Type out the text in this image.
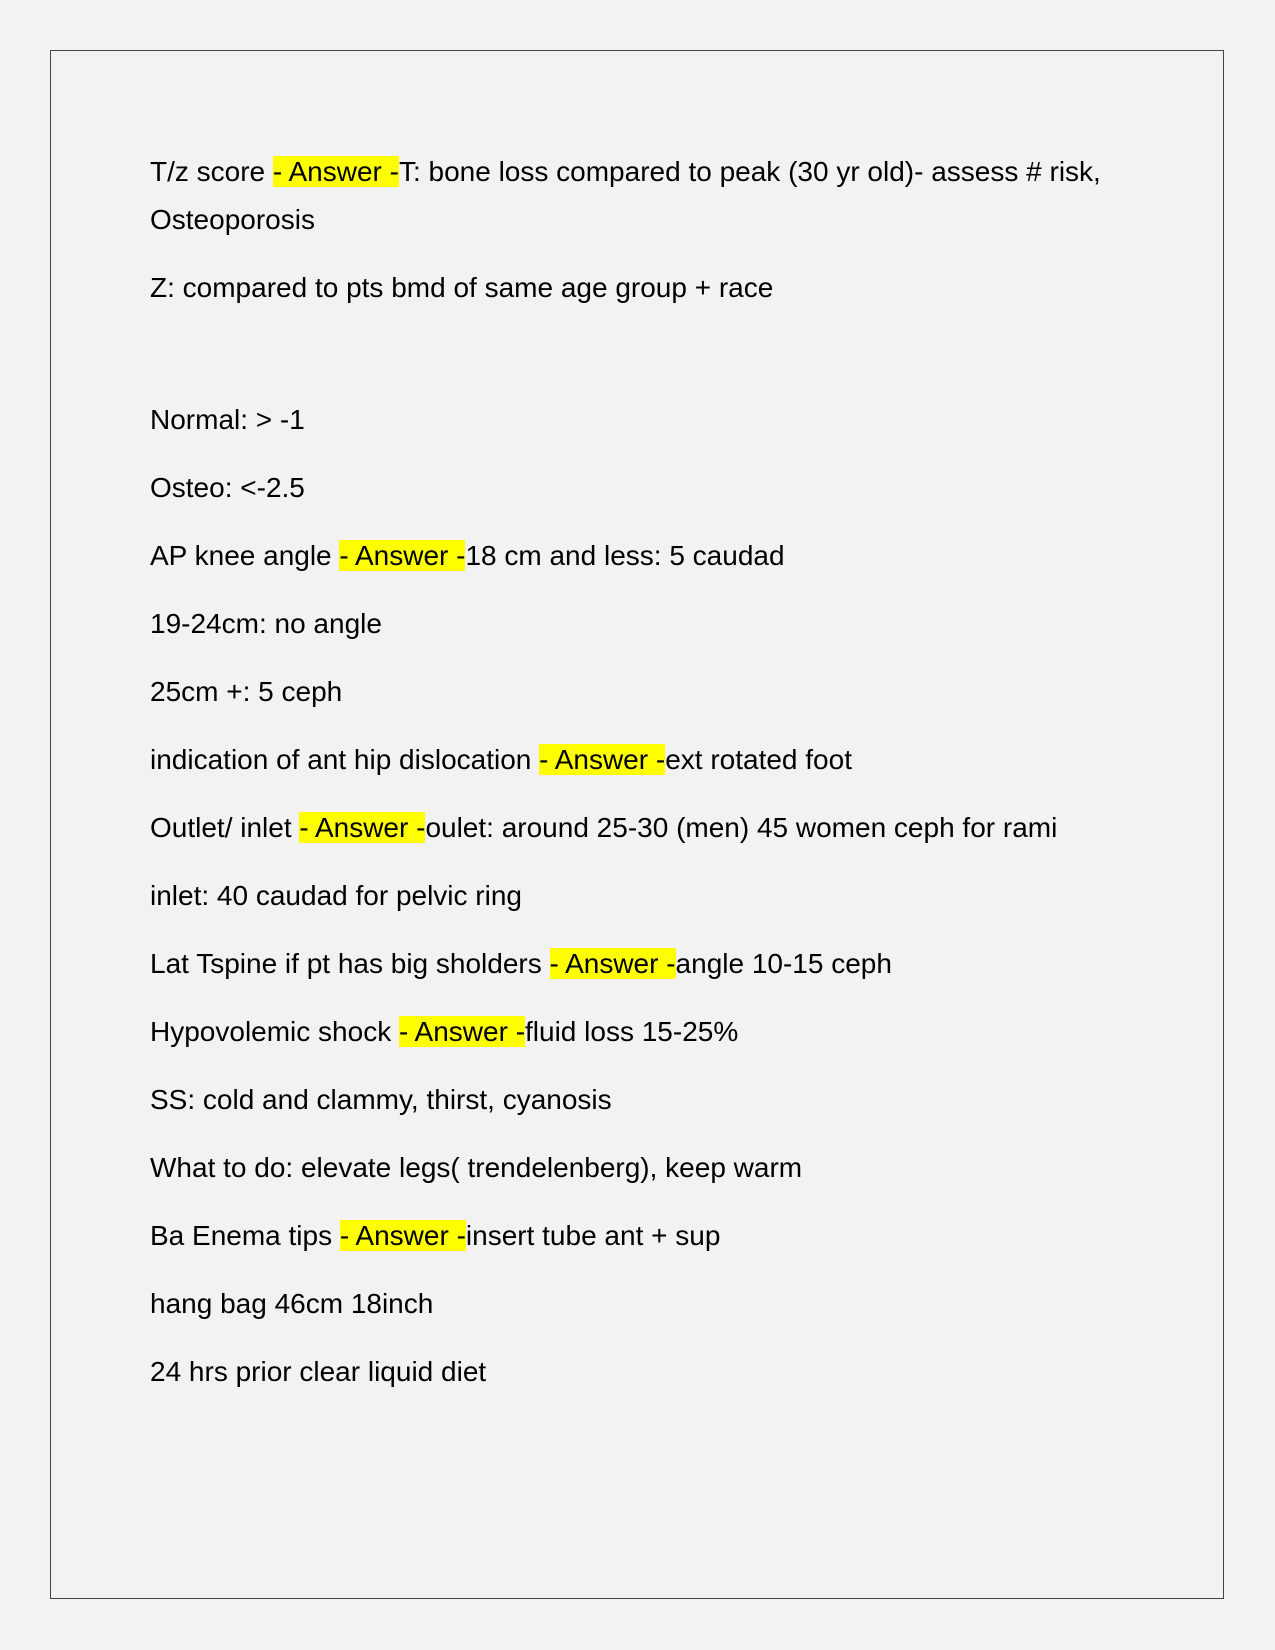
T/z score - Answer -T: bone loss compared to peak (30 yr old)- assess # risk, Osteoporosis

Z: compared to pts bmd of same age group + race

Normal: > -1

Osteo: <-2.5

AP knee angle - Answer -18 cm and less: 5 caudad

19-24cm: no angle

25cm +: 5 ceph

indication of ant hip dislocation - Answer -ext rotated foot

Outlet/ inlet - Answer -oulet: around 25-30 (men) 45 women ceph for rami

inlet: 40 caudad for pelvic ring

Lat Tspine if pt has big sholders - Answer -angle 10-15 ceph

Hypovolemic shock - Answer -fluid loss 15-25%

SS: cold and clammy, thirst, cyanosis

What to do: elevate legs( trendelenberg), keep warm

Ba Enema tips - Answer -insert tube ant + sup

hang bag 46cm 18inch

24 hrs prior clear liquid diet
